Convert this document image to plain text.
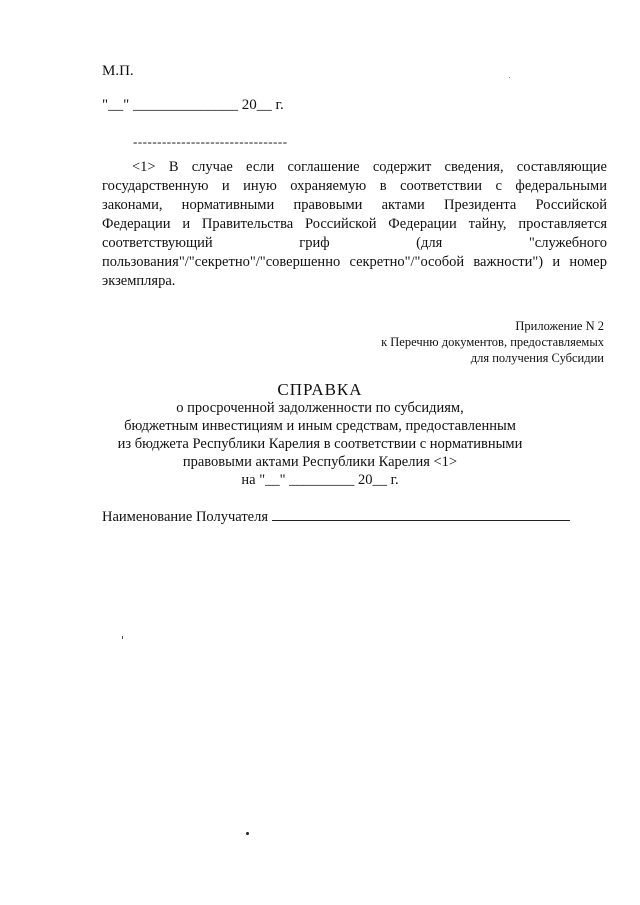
М.П.
"__" ______________ 20__ г.
--------------------------------
<1> В случае если соглашение содержит сведения, составляющие
государственную и иную охраняемую в соответствии с федеральными
законами, нормативными правовыми актами Президента Российской
Федерации и Правительства Российской Федерации тайну, проставляется
соответствующий гриф (для "служебного
пользования"/"секретно"/"совершенно секретно"/"особой важности") и номер
экземпляра.
Приложение N 2
к Перечню документов, предоставляемых
для получения Субсидии
СПРАВКА
о просроченной задолженности по субсидиям,
бюджетным инвестициям и иным средствам, предоставленным
из бюджета Республики Карелия в соответствии с нормативными
правовыми актами Республики Карелия <1>
на "__" _________ 20__ г.
Наименование Получателя
